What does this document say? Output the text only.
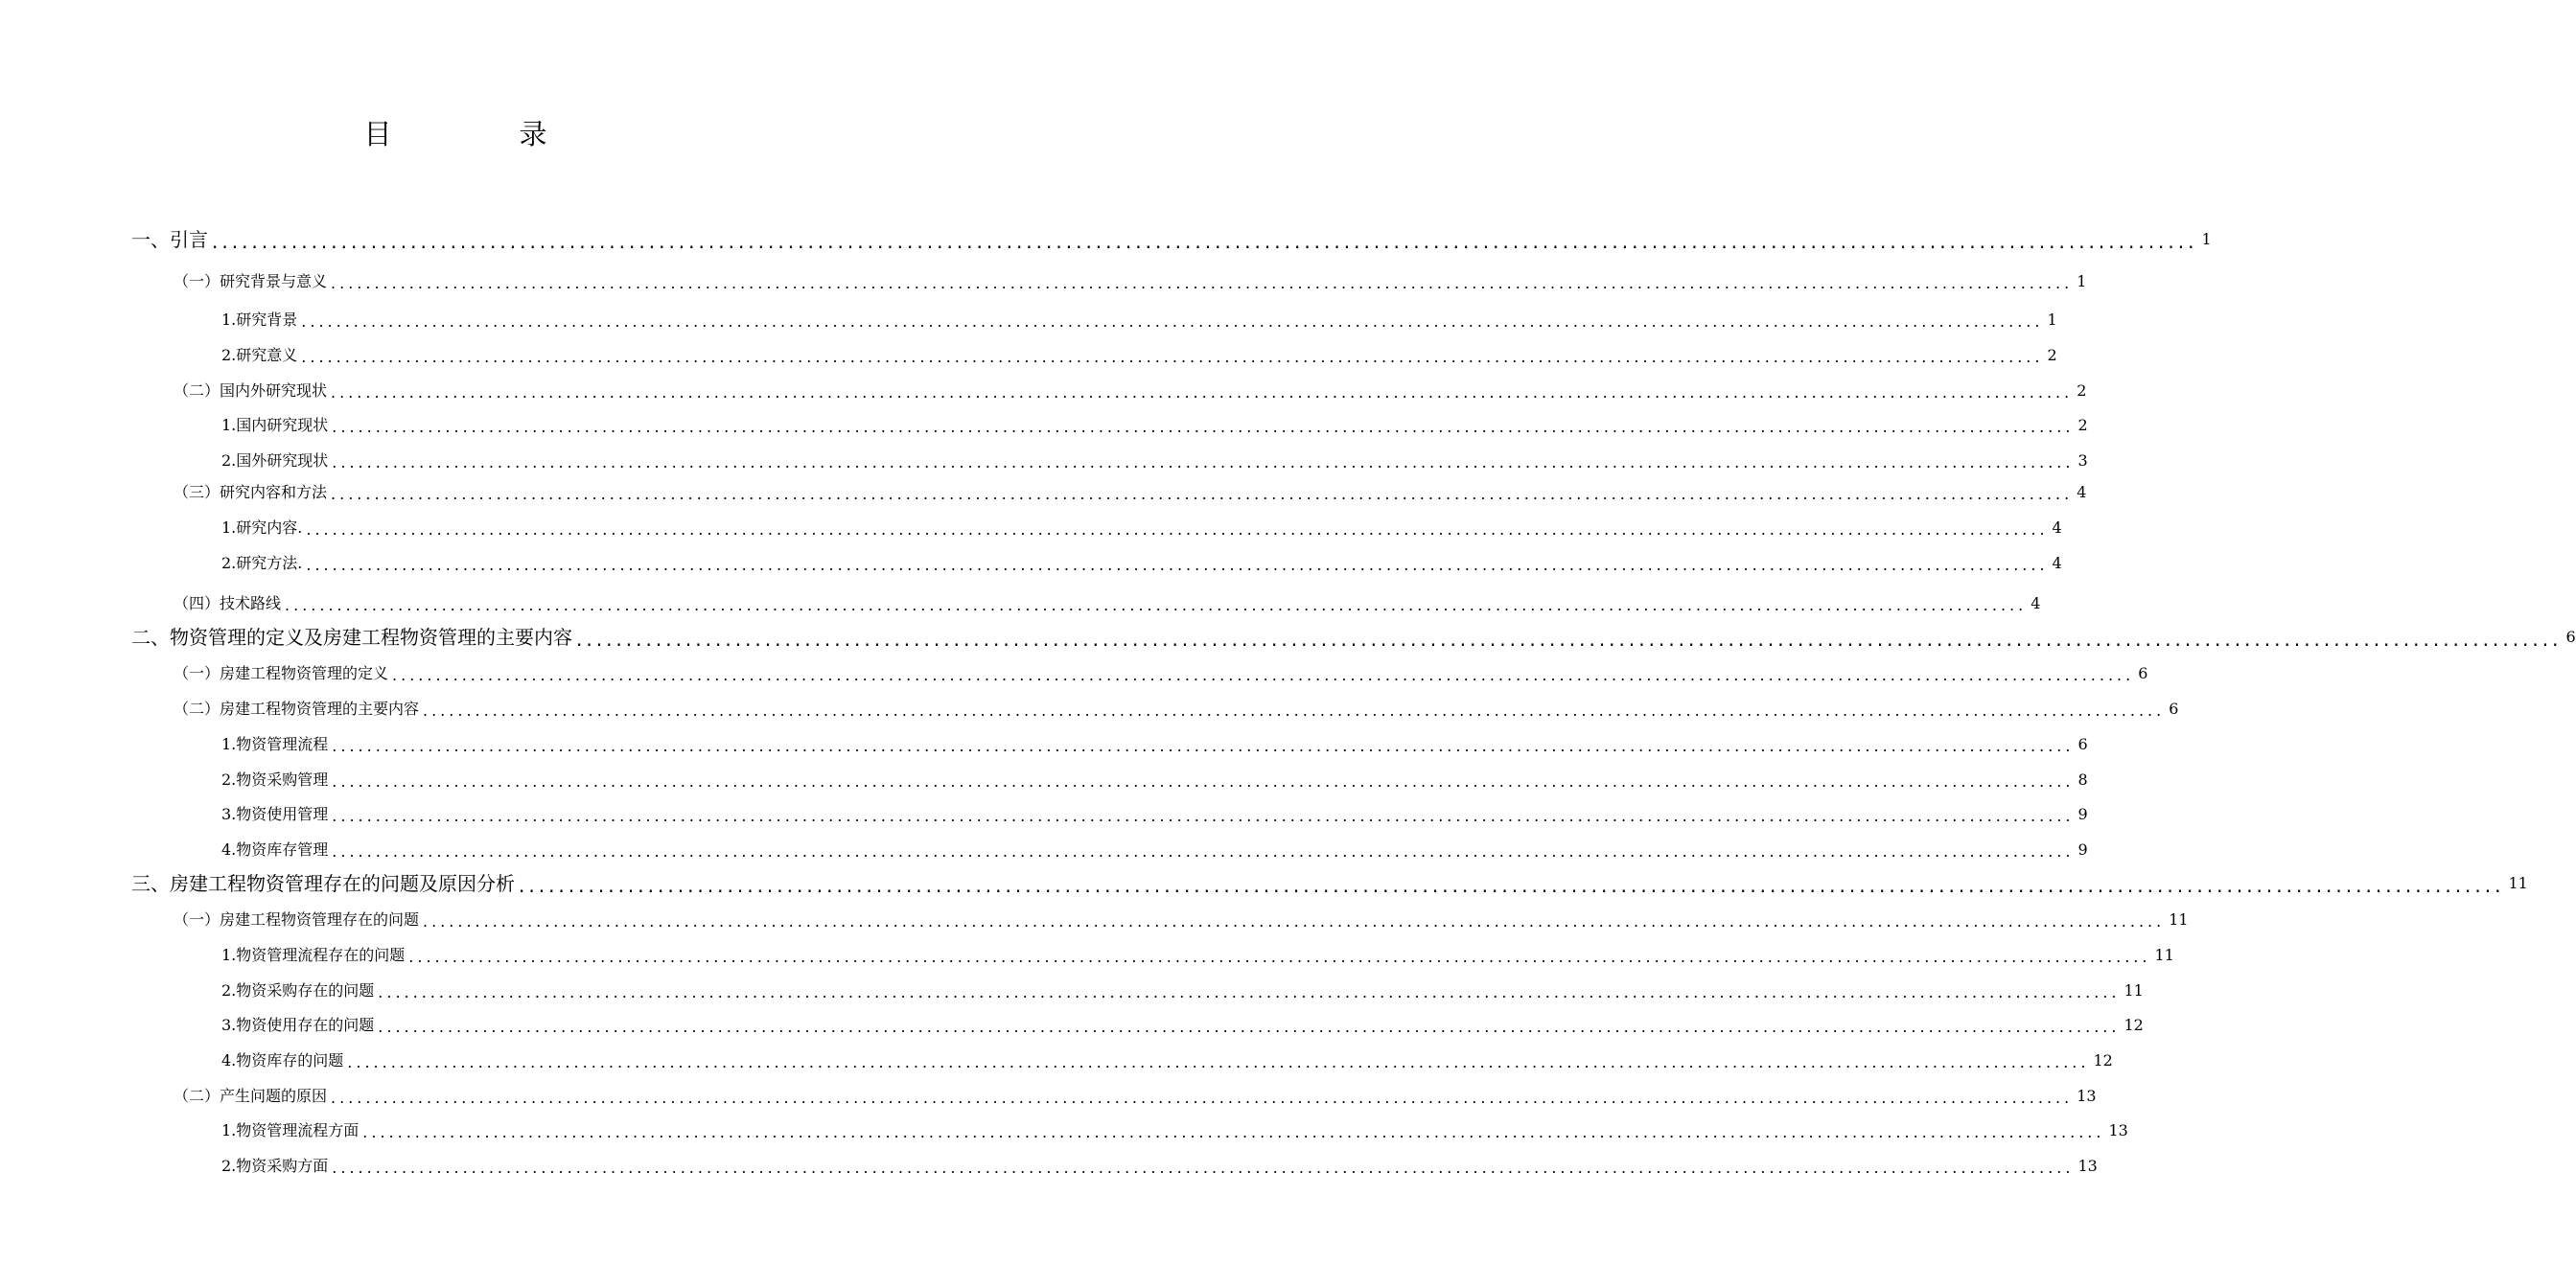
目　录
一、引言 ........................................................................................................................................................................................................ 1
（一）研究背景与意义 ........................................................................................................................................................................................................ 1
1.研究背景 ........................................................................................................................................................................................................ 1
2.研究意义 ........................................................................................................................................................................................................ 2
（二）国内外研究现状 ........................................................................................................................................................................................................ 2
1.国内研究现状 ........................................................................................................................................................................................................ 2
2.国外研究现状 ........................................................................................................................................................................................................ 3
（三）研究内容和方法 ........................................................................................................................................................................................................ 4
1.研究内容. ........................................................................................................................................................................................................ 4
2.研究方法. ........................................................................................................................................................................................................ 4
（四）技术路线 ........................................................................................................................................................................................................ 4
二、物资管理的定义及房建工程物资管理的主要内容 ........................................................................................................................................................................................................ 6
（一）房建工程物资管理的定义 ........................................................................................................................................................................................................ 6
（二）房建工程物资管理的主要内容 ........................................................................................................................................................................................................ 6
1.物资管理流程 ........................................................................................................................................................................................................ 6
2.物资采购管理 ........................................................................................................................................................................................................ 8
3.物资使用管理 ........................................................................................................................................................................................................ 9
4.物资库存管理 ........................................................................................................................................................................................................ 9
三、房建工程物资管理存在的问题及原因分析 ........................................................................................................................................................................................................ 11
（一）房建工程物资管理存在的问题 ........................................................................................................................................................................................................ 11
1.物资管理流程存在的问题 ........................................................................................................................................................................................................ 11
2.物资采购存在的问题 ........................................................................................................................................................................................................ 11
3.物资使用存在的问题 ........................................................................................................................................................................................................ 12
4.物资库存的问题 ........................................................................................................................................................................................................ 12
（二）产生问题的原因 ........................................................................................................................................................................................................ 13
1.物资管理流程方面 ........................................................................................................................................................................................................ 13
2.物资采购方面 ........................................................................................................................................................................................................ 13
